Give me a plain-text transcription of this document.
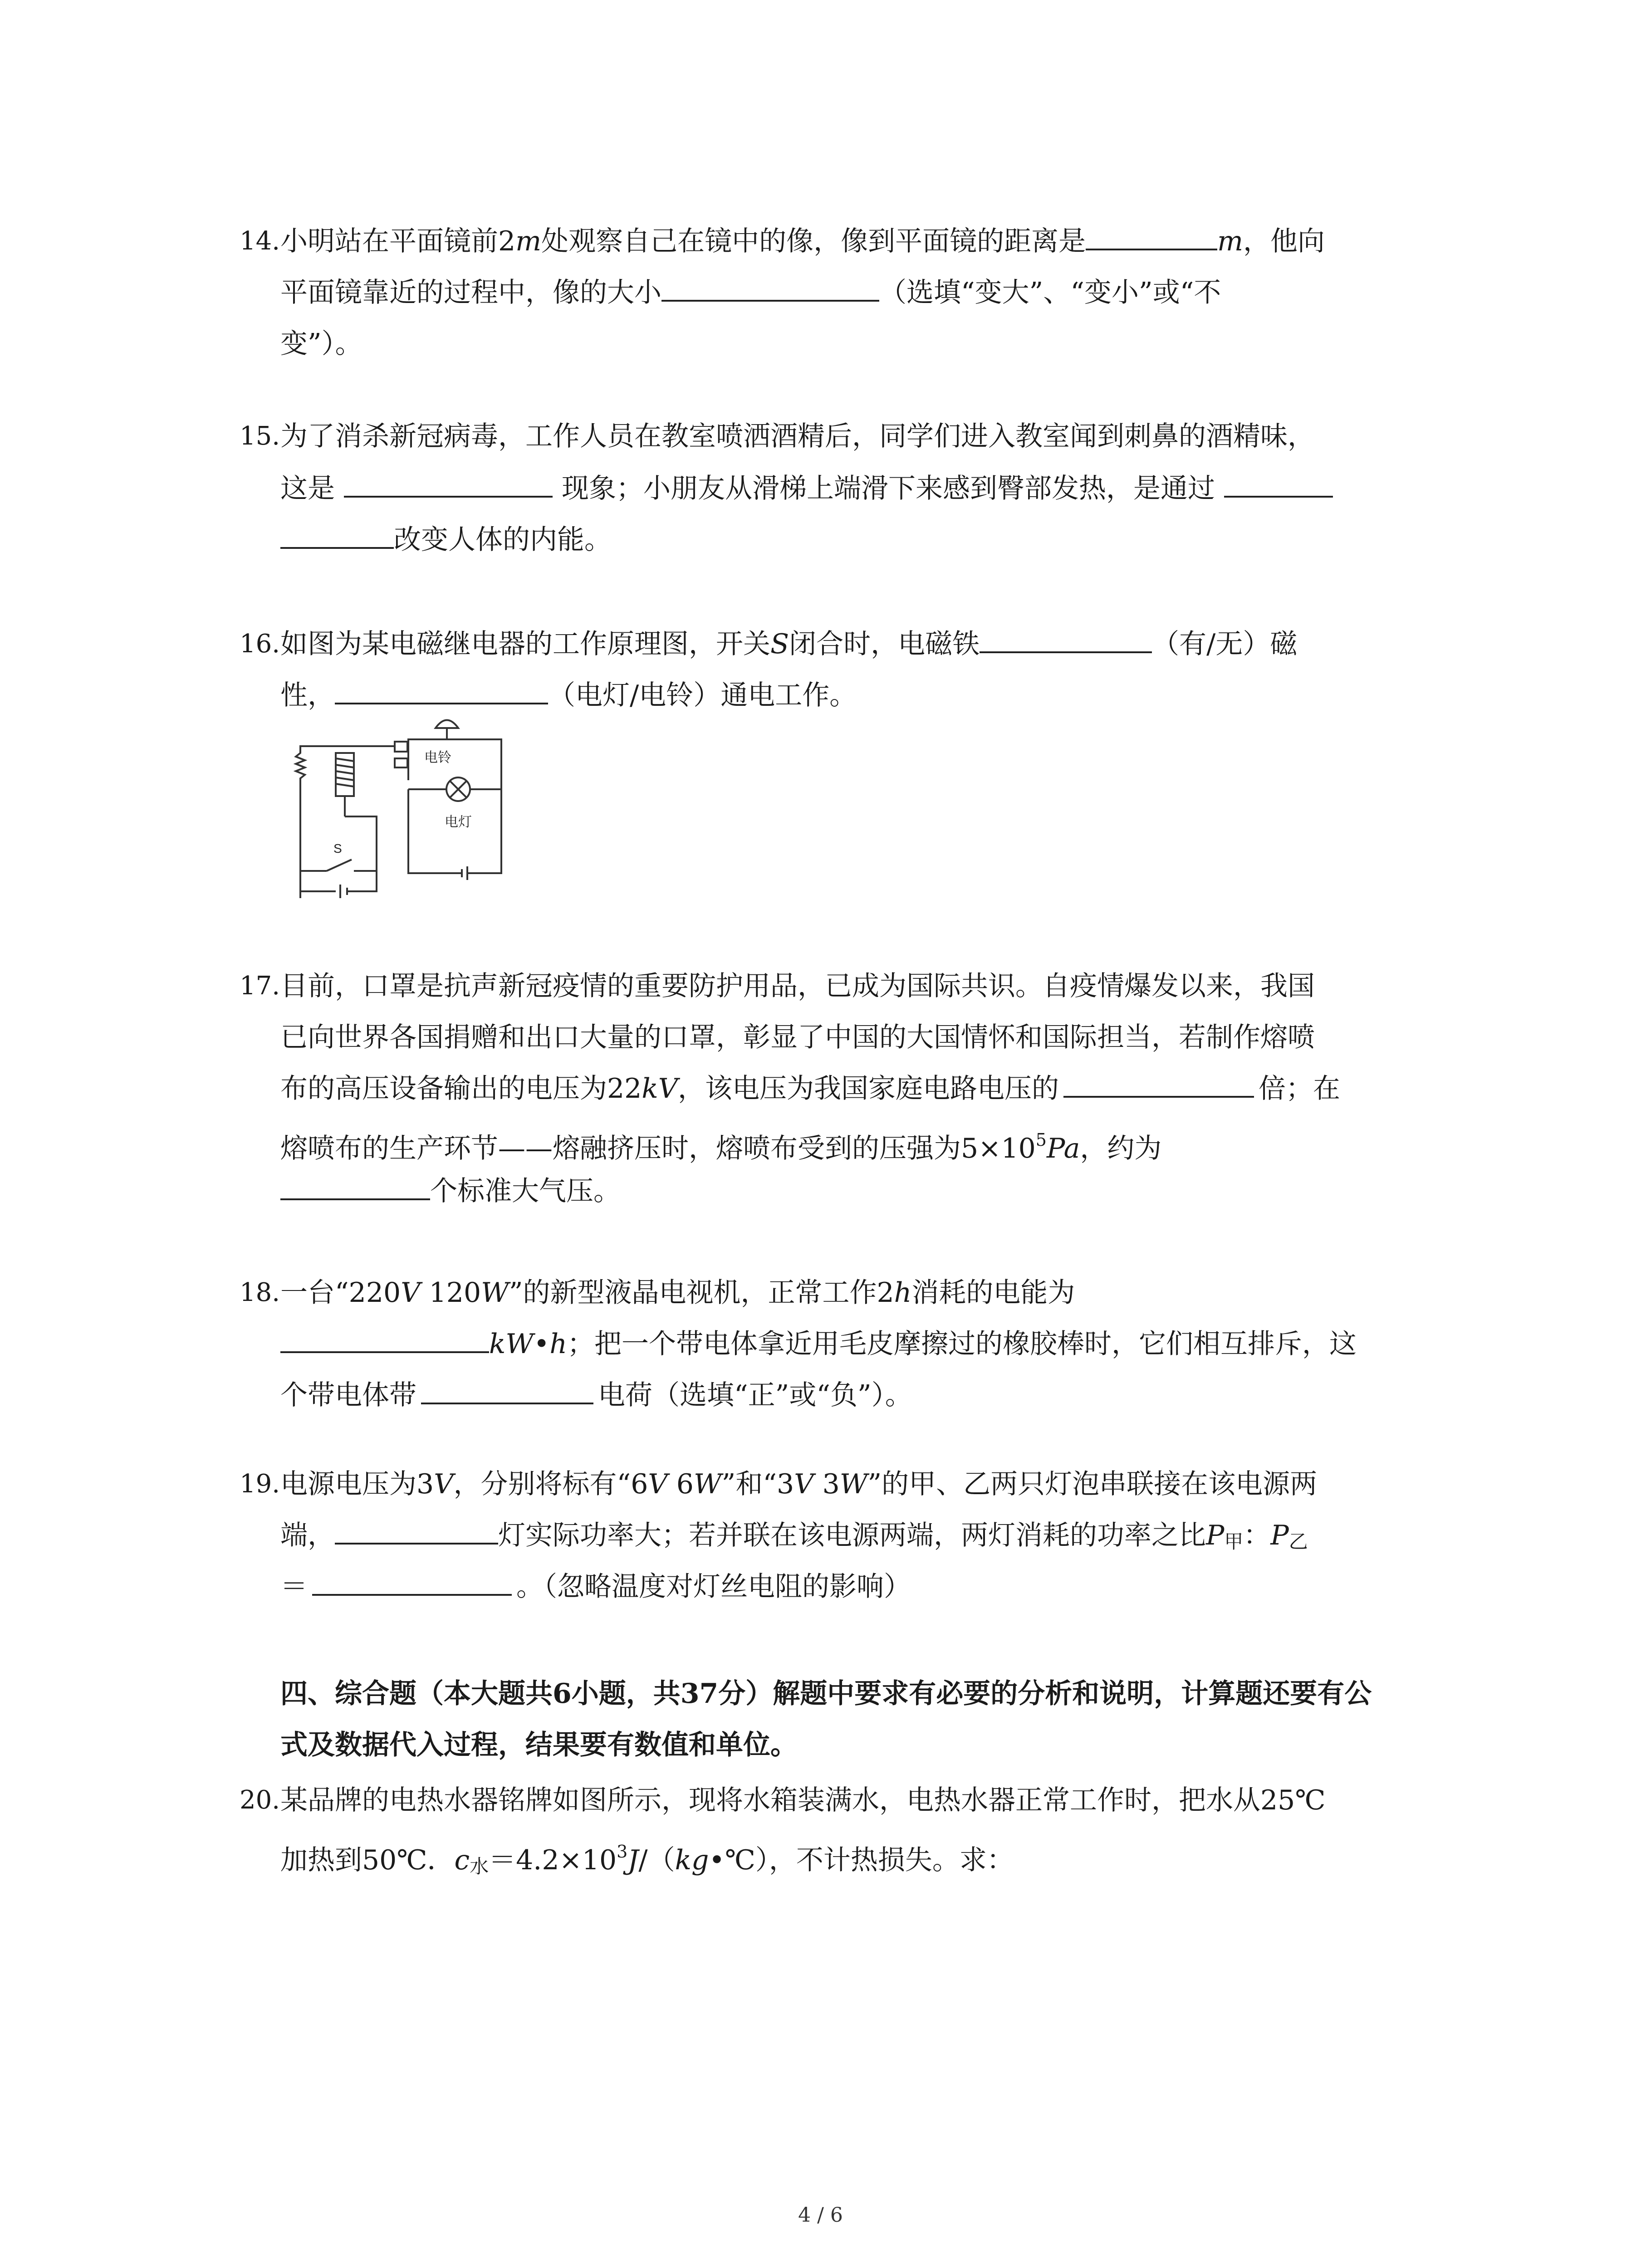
14. 小明站在平面镜前2m处观察自己在镜中的像，像到平面镜的距离是	m，他向
平面镜靠近的过程中，像的大小	（选填“变大”、“变小”或“不
变”）。
15. 为了消杀新冠病毒，工作人员在教室喷洒酒精后，同学们进入教室闻到刺鼻的酒精味，
这是	现象；小朋友从滑梯上端滑下来感到臀部发热，是通过
改变人体的内能。
16. 如图为某电磁继电器的工作原理图，开关S闭合时，电磁铁	（有/无）磁
性，	（电灯/电铃）通电工作。
电铃
电灯
S
17. 目前，口罩是抗声新冠疫情的重要防护用品，已成为国际共识。自疫情爆发以来，我国
已向世界各国捐赠和出口大量的口罩，彰显了中国的大国情怀和国际担当，若制作熔喷
布的高压设备输出的电压为22kV，该电压为我国家庭电路电压的	倍；在
熔喷布的生产环节——熔融挤压时，熔喷布受到的压强为$5\times 10^5Pa$，约为
个标准大气压。
18. 一台“220V 120W”的新型液晶电视机，正常工作2h消耗的电能为
kW•h；把一个带电体拿近用毛皮摩擦过的橡胶棒时，它们相互排斥，这
个带电体带	电荷（选填“正”或“负”）。
19. 电源电压为3V，分别将标有“6V 6W”和“3V 3W”的甲、乙两只灯泡串联接在该电源两
端，	灯实际功率大；若并联在该电源两端，两灯消耗的功率之比P甲：P乙
＝	。（忽略温度对灯丝电阻的影响）
四、综合题（本大题共6小题，共37分）解题中要求有必要的分析和说明，计算题还要有公
式及数据代入过程，结果要有数值和单位。
20. 某品牌的电热水器铭牌如图所示，现将水箱装满水，电热水器正常工作时，把水从25℃
加热到50℃．c水$=4.2\times 10^3J/(kg•℃)$，不计热损失。求：
4 / 6
